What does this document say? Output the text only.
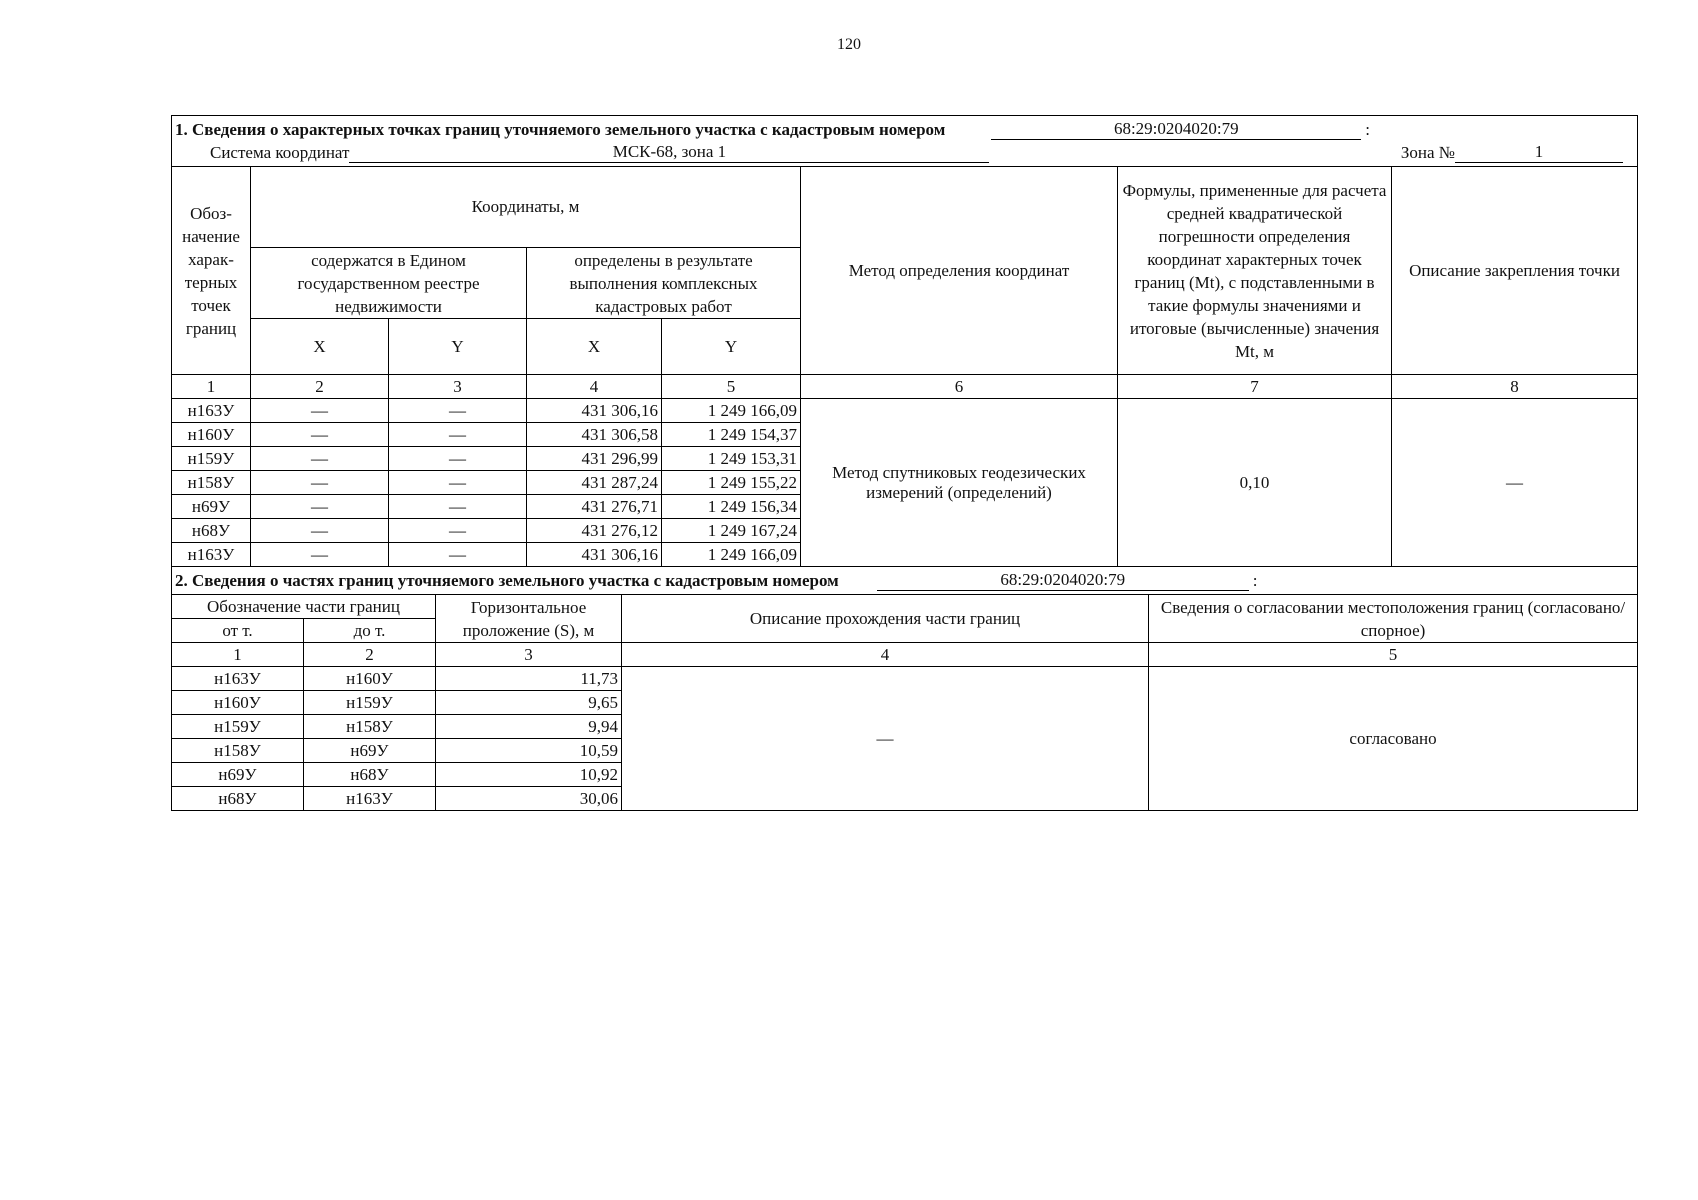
120
1. Сведения о характерных точках границ уточняемого земельного участка с кадастровым номером 68:29:0204020:79 :							

Система координат МСК-68, зона 1 Зона № 1							

Обоз-начение харак-терных точек границ	Координаты, м				Метод определения координат	Формулы, примененные для расчета средней квадратической погрешности определения координат характерных точек границ (Mt), с подставленными в такие формулы значениями и итоговые (вычисленные) значения Mt, м	Описание закрепления точки
	содержатся в Едином государственном реестре недвижимости		определены в результате выполнения комплексных кадастровых работ				
	X	Y	X	Y			
1	2	3	4	5	6	7	8
н163У	—	—	431 306,16	1 249 166,09	Метод спутниковых геодезических измерений (определений)	0,10	—
н160У	—	—	431 306,58	1 249 154,37			
н159У	—	—	431 296,99	1 249 153,31			
н158У	—	—	431 287,24	1 249 155,22			
н69У	—	—	431 276,71	1 249 156,34			
н68У	—	—	431 276,12	1 249 167,24			
н163У	—	—	431 306,16	1 249 166,09			
2. Сведения о частях границ уточняемого земельного участка с кадастровым номером 68:29:0204020:79 :				

Обозначение части границ		Горизонтальное проложение (S), м	Описание прохождения части границ	Сведения о согласовании местоположения границ (согласовано/спорное)
от т.	до т.			
1	2	3	4	5
н163У	н160У	11,73	—	согласовано
н160У	н159У	9,65		
н159У	н158У	9,94		
н158У	н69У	10,59		
н69У	н68У	10,92		
н68У	н163У	30,06		
